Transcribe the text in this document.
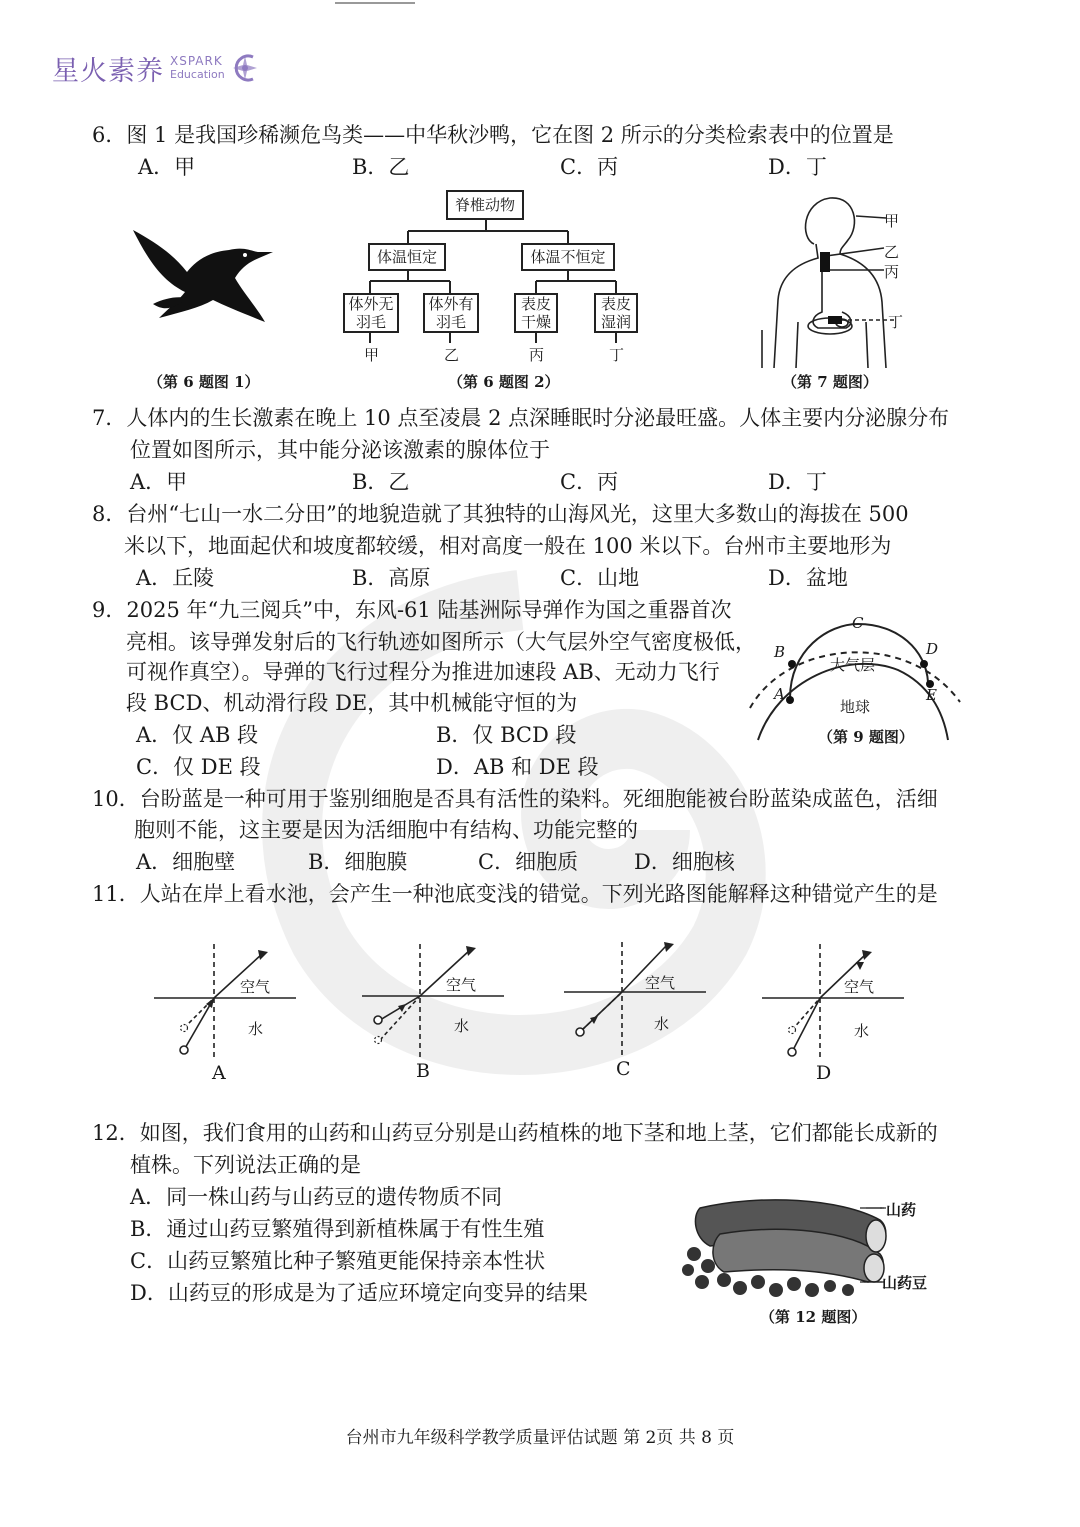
星火素养 XSPARK
Education
6．图 1 是我国珍稀濒危鸟类——中华秋沙鸭，它在图 2 所示的分类检索表中的位置是
A．甲	B．乙	C．丙	D．丁
（第 6 题图 1）
脊椎动物
体温恒定	体温不恒定
体外无
羽毛
体外有
羽毛
表皮
干燥
表皮
湿润
甲	乙	丙	丁
（第 6 题图 2）
甲
乙
丙
丁
（第 7 题图）
7．人体内的生长激素在晚上 10 点至凌晨 2 点深睡眠时分泌最旺盛。人体主要内分泌腺分布
位置如图所示，其中能分泌该激素的腺体位于
A．甲	B．乙	C．丙	D．丁
8．台州“七山一水二分田”的地貌造就了其独特的山海风光，这里大多数山的海拔在 500
米以下，地面起伏和坡度都较缓，相对高度一般在 100 米以下。台州市主要地形为
A．丘陵	B．高原	C．山地	D．盆地
9．2025 年“九三阅兵”中，东风-61 陆基洲际导弹作为国之重器首次
亮相。该导弹发射后的飞行轨迹如图所示（大气层外空气密度极低，
可视作真空）。导弹的飞行过程分为推进加速段 AB、无动力飞行
段 BCD、机动滑行段 DE，其中机械能守恒的为
A．仅 AB 段	B．仅 BCD 段
C．仅 DE 段	D．AB 和 DE 段
C
B	D
A	E
大气层
地球
（第 9 题图）
10．台盼蓝是一种可用于鉴别细胞是否具有活性的染料。死细胞能被台盼蓝染成蓝色，活细
胞则不能，这主要是因为活细胞中有结构、功能完整的
A．细胞壁	B．细胞膜	C．细胞质	D．细胞核
11．人站在岸上看水池，会产生一种池底变浅的错觉。下列光路图能解释这种错觉产生的是
空气
水
A
空气
水
B
空气
水
C
空气
水
D
12．如图，我们食用的山药和山药豆分别是山药植株的地下茎和地上茎，它们都能长成新的
植株。下列说法正确的是
A．同一株山药与山药豆的遗传物质不同
B．通过山药豆繁殖得到新植株属于有性生殖
C．山药豆繁殖比种子繁殖更能保持亲本性状
D．山药豆的形成是为了适应环境定向变异的结果
山药
山药豆
（第 12 题图）
台州市九年级科学教学质量评估试题 第 2页 共 8 页
